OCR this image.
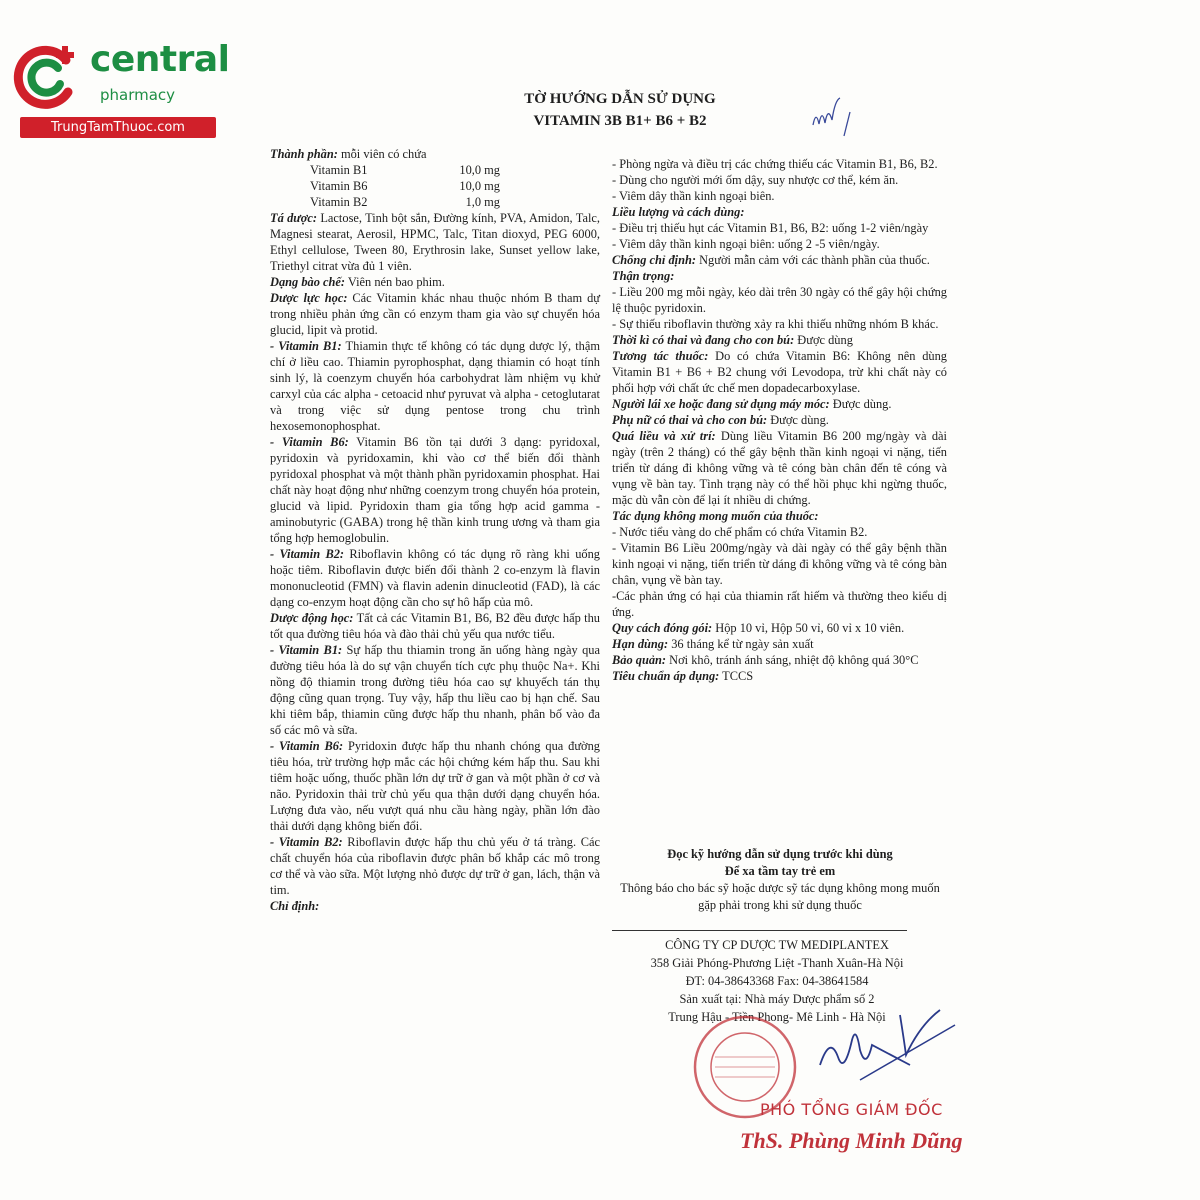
central
pharmacy
TrungTamThuoc.com
TỜ HƯỚNG DẪN SỬ DỤNG
VITAMIN 3B B1+ B6 + B2

Thành phần: mỗi viên có chứa

Vitamin B1	10,0 mg
Vitamin B6	10,0 mg
Vitamin B2	1,0 mg

Tá dược: Lactose, Tinh bột sắn, Đường kính, PVA, Amidon, Talc, Magnesi stearat, Aerosil, HPMC, Talc, Titan dioxyd, PEG 6000, Ethyl cellulose, Tween 80, Erythrosin lake, Sunset yellow lake, Triethyl citrat vừa đủ 1 viên.

Dạng bào chế: Viên nén bao phim.

Dược lực học: Các Vitamin khác nhau thuộc nhóm B tham dự trong nhiều phản ứng cần có enzym tham gia vào sự chuyển hóa glucid, lipit và protid.

- Vitamin B1: Thiamin thực tế không có tác dụng dược lý, thậm chí ở liều cao. Thiamin pyrophosphat, dạng thiamin có hoạt tính sinh lý, là coenzym chuyển hóa carbohydrat làm nhiệm vụ khử carxyl của các alpha - cetoacid như pyruvat và alpha - cetoglutarat và trong việc sử dụng pentose trong chu trình hexosemonophosphat.

- Vitamin B6: Vitamin B6 tồn tại dưới 3 dạng: pyridoxal, pyridoxin và pyridoxamin, khi vào cơ thể biến đổi thành pyridoxal phosphat và một thành phần pyridoxamin phosphat. Hai chất này hoạt động như những coenzym trong chuyển hóa protein, glucid và lipid. Pyridoxin tham gia tổng hợp acid gamma - aminobutyric (GABA) trong hệ thần kinh trung ương và tham gia tổng hợp hemoglobulin.

- Vitamin B2: Riboflavin không có tác dụng rõ ràng khi uống hoặc tiêm. Riboflavin được biến đổi thành 2 co-enzym là flavin mononucleotid (FMN) và flavin adenin dinucleotid (FAD), là các dạng co-enzym hoạt động cần cho sự hô hấp của mô.

Dược động học: Tất cả các Vitamin B1, B6, B2 đều được hấp thu tốt qua đường tiêu hóa và đào thải chủ yếu qua nước tiểu.

- Vitamin B1: Sự hấp thu thiamin trong ăn uống hàng ngày qua đường tiêu hóa là do sự vận chuyển tích cực phụ thuộc Na+. Khi nồng độ thiamin trong đường tiêu hóa cao sự khuyếch tán thụ động cũng quan trọng. Tuy vậy, hấp thu liều cao bị hạn chế. Sau khi tiêm bắp, thiamin cũng được hấp thu nhanh, phân bố vào đa số các mô và sữa.

- Vitamin B6: Pyridoxin được hấp thu nhanh chóng qua đường tiêu hóa, trừ trường hợp mắc các hội chứng kém hấp thu. Sau khi tiêm hoặc uống, thuốc phần lớn dự trữ ở gan và một phần ở cơ và não. Pyridoxin thải trừ chủ yếu qua thận dưới dạng chuyển hóa. Lượng đưa vào, nếu vượt quá nhu cầu hàng ngày, phần lớn đào thải dưới dạng không biến đổi.

- Vitamin B2: Riboflavin được hấp thu chủ yếu ở tá tràng. Các chất chuyển hóa của riboflavin được phân bố khắp các mô trong cơ thể và vào sữa. Một lượng nhỏ được dự trữ ở gan, lách, thận và tim.

Chỉ định:

- Phòng ngừa và điều trị các chứng thiếu các Vitamin B1, B6, B2.

- Dùng cho người mới ốm dậy, suy nhược cơ thể, kém ăn.

- Viêm dây thần kinh ngoại biên.

Liều lượng và cách dùng:

- Điều trị thiếu hụt các Vitamin B1, B6, B2: uống 1-2 viên/ngày

- Viêm dây thần kinh ngoại biên: uống 2 -5 viên/ngày.

Chống chỉ định: Người mẫn cảm với các thành phần của thuốc.

Thận trọng:

- Liều 200 mg mỗi ngày, kéo dài trên 30 ngày có thể gây hội chứng lệ thuộc pyridoxin.

- Sự thiếu riboflavin thường xảy ra khi thiếu những nhóm B khác.

Thời kì có thai và đang cho con bú: Được dùng

Tương tác thuốc: Do có chứa Vitamin B6: Không nên dùng Vitamin B1 + B6 + B2 chung với Levodopa, trừ khi chất này có phối hợp với chất ức chế men dopadecarboxylase.

Người lái xe hoặc đang sử dụng máy móc: Được dùng.

Phụ nữ có thai và cho con bú: Được dùng.

Quá liều và xử trí: Dùng liều Vitamin B6 200 mg/ngày và dài ngày (trên 2 tháng) có thể gây bệnh thần kinh ngoại vi nặng, tiến triển từ dáng đi không vững và tê cóng bàn chân đến tê cóng và vụng về bàn tay. Tình trạng này có thể hồi phục khi ngừng thuốc, mặc dù vẫn còn để lại ít nhiều di chứng.

Tác dụng không mong muốn của thuốc:

- Nước tiểu vàng do chế phẩm có chứa Vitamin B2.

- Vitamin B6 Liều 200mg/ngày và dài ngày có thể gây bệnh thần kinh ngoại vi nặng, tiến triển từ dáng đi không vững và tê cóng bàn chân, vụng về bàn tay.

-Các phản ứng có hại của thiamin rất hiếm và thường theo kiểu dị ứng.

Quy cách đóng gói: Hộp 10 vỉ, Hộp 50 vỉ, 60 vỉ x 10 viên.

Hạn dùng: 36 tháng kể từ ngày sản xuất

Bảo quản: Nơi khô, tránh ánh sáng, nhiệt độ không quá 30°C

Tiêu chuẩn áp dụng: TCCS

Đọc kỹ hướng dẫn sử dụng trước khi dùng
Để xa tầm tay trẻ em
Thông báo cho bác sỹ hoặc dược sỹ tác dụng không mong muốn gặp phải trong khi sử dụng thuốc
CÔNG TY CP DƯỢC TW MEDIPLANTEX
358 Giải Phóng-Phương Liệt -Thanh Xuân-Hà Nội
ĐT: 04-38643368 Fax: 04-38641584
Sản xuất tại: Nhà máy Dược phẩm số 2
Trung Hậu - Tiền Phong- Mê Linh - Hà Nội
PHÓ TỔNG GIÁM ĐỐC
ThS. Phùng Minh Dũng
